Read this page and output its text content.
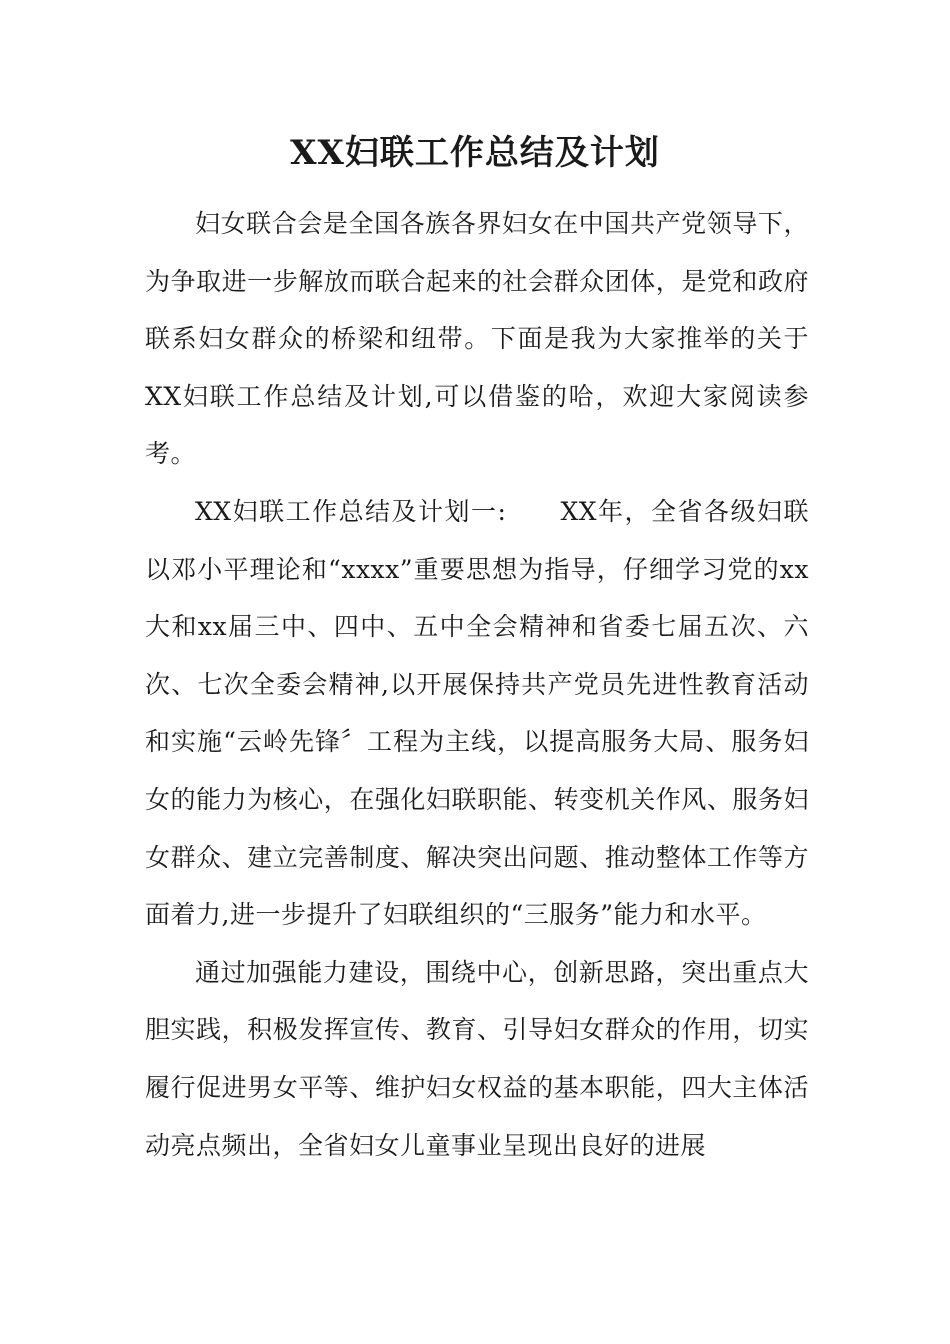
XX妇联工作总结及计划

妇女联合会是全国各族各界妇女在中国共产党领导下，为争取进一步解放而联合起来的社会群众团体，是党和政府联系妇女群众的桥梁和纽带。下面是我为大家推举的关于XX妇联工作总结及计划,可以借鉴的哈，欢迎大家阅读参考。

XX妇联工作总结及计划一:　　XX年，全省各级妇联以邓小平理论和“xxxx”重要思想为指导，仔细学习党的xx大和xx届三中、四中、五中全会精神和省委七届五次、六次、七次全委会精神,以开展保持共产党员先进性教育活动和实施“云岭先锋〞工程为主线，以提高服务大局、服务妇女的能力为核心，在强化妇联职能、转变机关作风、服务妇女群众、建立完善制度、解决突出问题、推动整体工作等方面着力,进一步提升了妇联组织的“三服务”能力和水平。

通过加强能力建设，围绕中心，创新思路，突出重点大胆实践，积极发挥宣传、教育、引导妇女群众的作用，切实履行促进男女平等、维护妇女权益的基本职能，四大主体活动亮点频出，全省妇女儿童事业呈现出良好的进展
